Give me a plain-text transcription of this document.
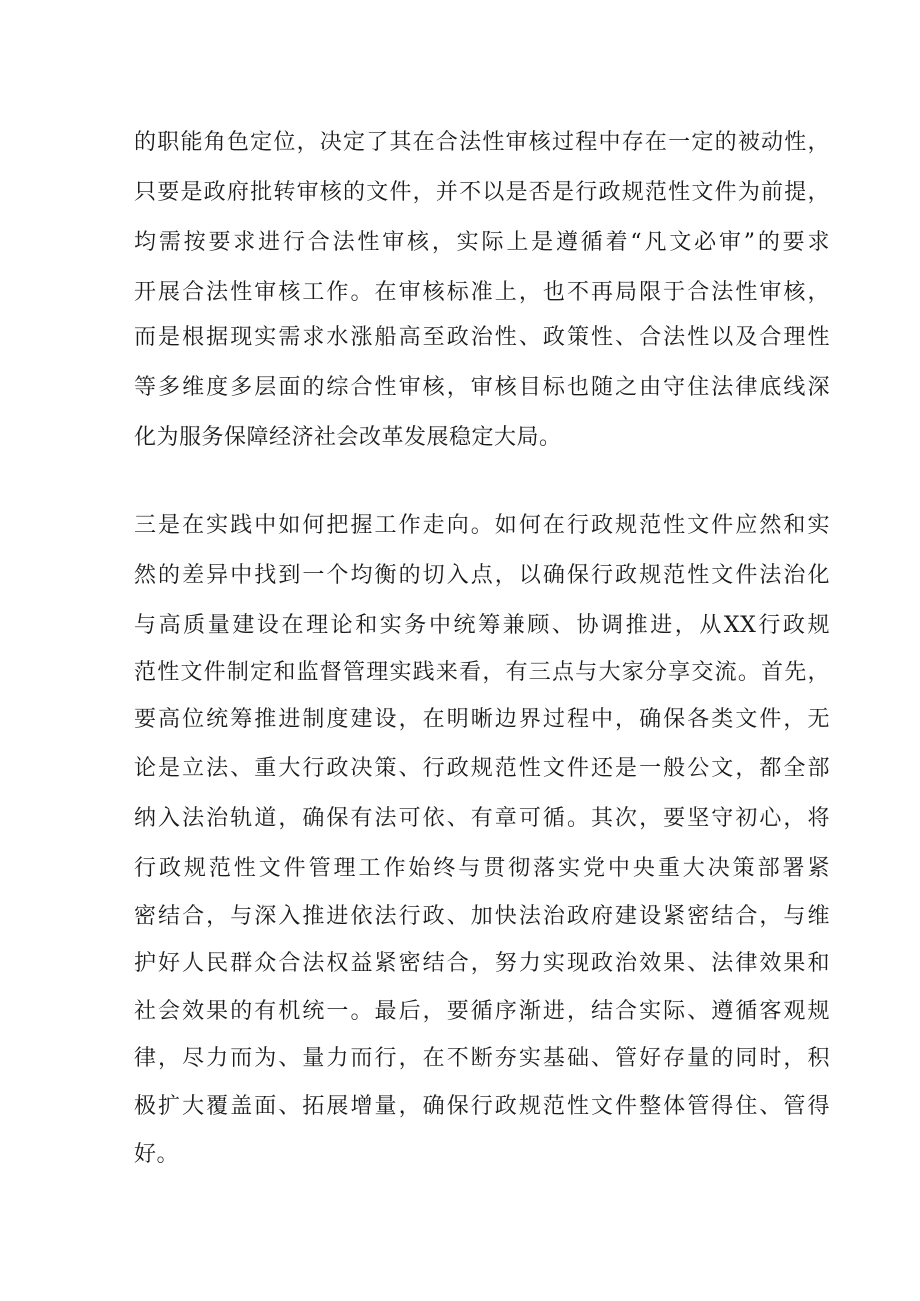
的职能角色定位，决定了其在合法性审核过程中存在一定的被动性，
只要是政府批转审核的文件，并不以是否是行政规范性文件为前提，
均需按要求进行合法性审核，实际上是遵循着“凡文必审”的要求
开展合法性审核工作。在审核标准上，也不再局限于合法性审核，
而是根据现实需求水涨船高至政治性、政策性、合法性以及合理性
等多维度多层面的综合性审核，审核目标也随之由守住法律底线深
化为服务保障经济社会改革发展稳定大局。
三是在实践中如何把握工作走向。如何在行政规范性文件应然和实
然的差异中找到一个均衡的切入点，以确保行政规范性文件法治化
与高质量建设在理论和实务中统筹兼顾、协调推进，从XX行政规
范性文件制定和监督管理实践来看，有三点与大家分享交流。首先，
要高位统筹推进制度建设，在明晰边界过程中，确保各类文件，无
论是立法、重大行政决策、行政规范性文件还是一般公文，都全部
纳入法治轨道，确保有法可依、有章可循。其次，要坚守初心，将
行政规范性文件管理工作始终与贯彻落实党中央重大决策部署紧
密结合，与深入推进依法行政、加快法治政府建设紧密结合，与维
护好人民群众合法权益紧密结合，努力实现政治效果、法律效果和
社会效果的有机统一。最后，要循序渐进，结合实际、遵循客观规
律，尽力而为、量力而行，在不断夯实基础、管好存量的同时，积
极扩大覆盖面、拓展增量，确保行政规范性文件整体管得住、管得
好。
